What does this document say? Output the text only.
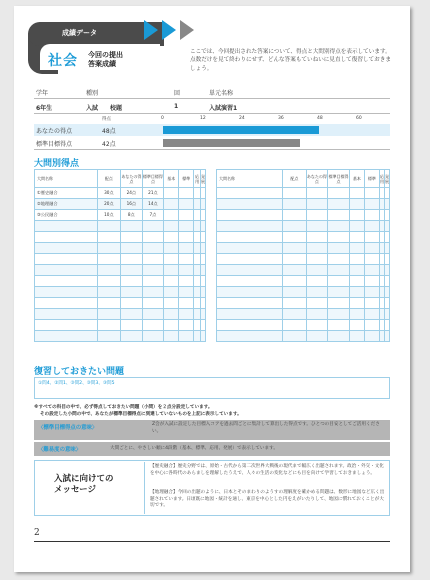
成績データ
社会 今回の提出
答案成績
ここでは、今回提出された答案について、得点と大問別得点を表示しています。点数だけを見て終わりにせず、どんな答案もていねいに見直して復習しておきましょう。
学年	種別	回	単元名称
6年生	入試 校題	1	入試演習1
得点	0	12	24	36	48	60
あなたの得点	48点
標準目標得点	42点
大問別得点
大問名称	配点	あなたの得点	標準目標得点	基本	標準	応用	発展
①歴史融合	30点	24点	21点				
②地理融合	20点	16点	14点				
③公民融合	10点	8点	7点				

大問名称	配点	あなたの得点	標準目標得点	基本	標準	応用	発展

復習しておきたい問題
①問4、②問1、③問2、③問3、③問5
※すべての科目の中で、必ず得点しておきたい問題（小問）を２点分設定しています。
その設定した小問の中で、あなたが標準目標得点に到達していないものを上記に表示しています。
〈標準目標得点の意味〉
Z会が入試に設定した目標入コアを過去問ごとに集計して算出した得点です。ひとつの目安としてご活用ください。
〈難易度の意味〉	大問ごとに、やさしい順に4段階（基本、標準、応用、発展）で表示しています。
入試に向けての
メッセージ
【歴史融合】歴史分野では、原始・古代から第二次世界大戦後の現代まで幅広く出題されます。政治・外交・文化を中心に各時代のあらましを理解したうえで、人々の生活の変化などにも目を向けて学習しておきましょう。
【地理融合】今回の出題のように、日本とそのまわりのようすの理解度を確かめる問題は、数形に地図など広く出題されています。日頃既に地図・統計を通し、東京を中心とした円をえがいたりして、地図に慣れておくことが大切です。
2
